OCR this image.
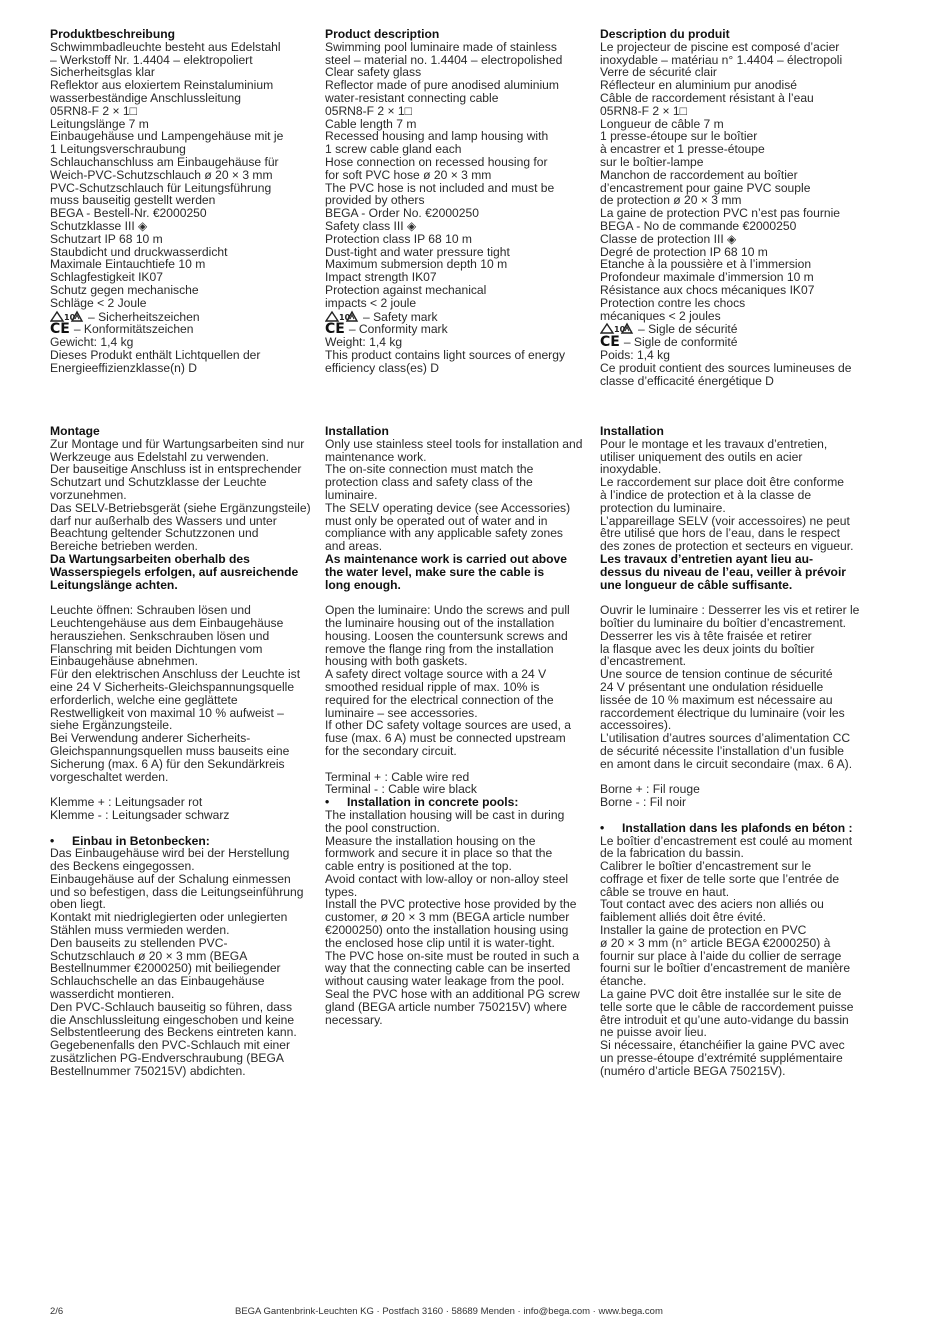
Produktbeschreibung
Schwimmbadleuchte besteht aus Edelstahl
– Werkstoff Nr. 1.4404 – elektropoliert
Sicherheitsglas klar
Reflektor aus eloxiertem Reinstaluminium
wasserbeständige Anschlussleitung
05RN8-F 2 × 1□
Leitungslänge 7 m
Einbaugehäuse und Lampengehäuse mit je
1 Leitungsverschraubung
Schlauchanschluss am Einbaugehäuse für
Weich-PVC-Schutzschlauch ø 20 × 3 mm
PVC-Schutzschlauch für Leitungsführung
muss bauseitig gestellt werden
BEGA - Bestell-Nr. €2000250
Schutzklasse III ◈
Schutzart IP 68 10 m
Staubdicht und druckwasserdicht
Maximale Eintauchtiefe 10 m
Schlagfestigkeit IK07
Schutz gegen mechanische
Schläge < 2 Joule

10 – Sicherheitszeichen

CE – Konformitätszeichen

Gewicht: 1,4 kg

Dieses Produkt enthält Lichtquellen der
Energieeffizienzklasse(n) D
Montage
Zur Montage und für Wartungsarbeiten sind nur
Werkzeuge aus Edelstahl zu verwenden.
Der bauseitige Anschluss ist in entsprechender
Schutzart und Schutzklasse der Leuchte
vorzunehmen.
Das SELV-Betriebsgerät (siehe Ergänzungsteile)
darf nur außerhalb des Wassers und unter
Beachtung geltender Schutzzonen und
Bereiche betrieben werden.
Da Wartungsarbeiten oberhalb des
Wasserspiegels erfolgen, auf ausreichende
Leitungslänge achten.
Leuchte öffnen: Schrauben lösen und
Leuchtengehäuse aus dem Einbaugehäuse
herausziehen. Senkschrauben lösen und
Flanschring mit beiden Dichtungen vom
Einbaugehäuse abnehmen.
Für den elektrischen Anschluss der Leuchte ist
eine 24 V Sicherheits-Gleichspannungsquelle
erforderlich, welche eine geglättete
Restwelligkeit von maximal 10 % aufweist –
siehe Ergänzungsteile.
Bei Verwendung anderer Sicherheits-
Gleichspannungsquellen muss bauseits eine
Sicherung (max. 6 A) für den Sekundärkreis
vorgeschaltet werden.
Klemme + : Leitungsader rot
Klemme - : Leitungsader schwarz
•	Einbau in Betonbecken:
Das Einbaugehäuse wird bei der Herstellung
des Beckens eingegossen.
Einbaugehäuse auf der Schalung einmessen
und so befestigen, dass die Leitungseinführung
oben liegt.
Kontakt mit niedriglegierten oder unlegierten
Stählen muss vermieden werden.
Den bauseits zu stellenden PVC-
Schutzschlauch ø 20 × 3 mm (BEGA
Bestellnummer €2000250) mit beiliegender
Schlauchschelle an das Einbaugehäuse
wasserdicht montieren.
Den PVC-Schlauch bauseitig so führen, dass
die Anschlussleitung eingeschoben und keine
Selbstentleerung des Beckens eintreten kann.
Gegebenenfalls den PVC-Schlauch mit einer
zusätzlichen PG-Endverschraubung (BEGA
Bestellnummer 750215V) abdichten.
Product description
Swimming pool luminaire made of stainless
steel – material no. 1.4404 – electropolished
Clear safety glass
Reflector made of pure anodised aluminium
water-resistant connecting cable
05RN8-F 2 × 1□
Cable length 7 m
Recessed housing and lamp housing with
1 screw cable gland each
Hose connection on recessed housing for
for soft PVC hose ø 20 × 3 mm
The PVC hose is not included and must be
provided by others
BEGA - Order No. €2000250
Safety class III ◈
Protection class IP 68 10 m
Dust-tight and water pressure tight
Maximum submersion depth 10 m
Impact strength IK07
Protection against mechanical
impacts < 2 joule

10 – Safety mark

CE – Conformity mark

Weight: 1,4 kg

This product contains light sources of energy
efficiency class(es) D
Installation
Only use stainless steel tools for installation and
maintenance work.
The on-site connection must match the
protection class and safety class of the
luminaire.
The SELV operating device (see Accessories)
must only be operated out of water and in
compliance with any applicable safety zones
and areas.
As maintenance work is carried out above
the water level, make sure the cable is
long enough.
Open the luminaire: Undo the screws and pull
the luminaire housing out of the installation
housing. Loosen the countersunk screws and
remove the flange ring from the installation
housing with both gaskets.
A safety direct voltage source with a 24 V
smoothed residual ripple of max. 10% is
required for the electrical connection of the
luminaire – see accessories.
If other DC safety voltage sources are used, a
fuse (max. 6 A) must be connected upstream
for the secondary circuit.
Terminal + : Cable wire red
Terminal - : Cable wire black
•	Installation in concrete pools:
The installation housing will be cast in during
the pool construction.
Measure the installation housing on the
formwork and secure it in place so that the
cable entry is positioned at the top.
Avoid contact with low-alloy or non-alloy steel
types.
Install the PVC protective hose provided by the
customer, ø 20 × 3 mm (BEGA article number
€2000250) onto the installation housing using
the enclosed hose clip until it is water-tight.
The PVC hose on-site must be routed in such a
way that the connecting cable can be inserted
without causing water leakage from the pool.
Seal the PVC hose with an additional PG screw
gland (BEGA article number 750215V) where
necessary.
Description du produit
Le projecteur de piscine est composé d’acier
inoxydable – matériau n° 1.4404 – électropoli
Verre de sécurité clair
Réflecteur en aluminium pur anodisé
Câble de raccordement résistant à l’eau
05RN8-F 2 × 1□
Longueur de câble 7 m
1 presse-étoupe sur le boîtier
à encastrer et 1 presse-étoupe
sur le boîtier-lampe
Manchon de raccordement au boîtier
d’encastrement pour gaine PVC souple
de protection ø 20 × 3 mm
La gaine de protection PVC n’est pas fournie
BEGA - No de commande €2000250
Classe de protection III ◈
Degré de protection IP 68 10 m
Etanche à la poussière et à l’immersion
Profondeur maximale d’immersion 10 m
Résistance aux chocs mécaniques IK07
Protection contre les chocs
mécaniques < 2 joules

10 – Sigle de sécurité

CE – Sigle de conformité

Poids: 1,4 kg

Ce produit contient des sources lumineuses de
classe d’efficacité énergétique D
Installation
Pour le montage et les travaux d’entretien,
utiliser uniquement des outils en acier
inoxydable.
Le raccordement sur place doit être conforme
à l’indice de protection et à la classe de
protection du luminaire.
L’appareillage SELV (voir accessoires) ne peut
être utilisé que hors de l’eau, dans le respect
des zones de protection et secteurs en vigueur.
Les travaux d’entretien ayant lieu au-
dessus du niveau de l’eau, veiller à prévoir
une longueur de câble suffisante.
Ouvrir le luminaire : Desserrer les vis et retirer le
boîtier du luminaire du boîtier d’encastrement.
Desserrer les vis à tête fraisée et retirer
la flasque avec les deux joints du boîtier
d’encastrement.
Une source de tension continue de sécurité
24 V présentant une ondulation résiduelle
lissée de 10 % maximum est nécessaire au
raccordement électrique du luminaire (voir les
accessoires).
L’utilisation d’autres sources d’alimentation CC
de sécurité nécessite l’installation d’un fusible
en amont dans le circuit secondaire (max. 6 A).
Borne + : Fil rouge
Borne - : Fil noir
•	Installation dans les plafonds en béton :
Le boîtier d’encastrement est coulé au moment
de la fabrication du bassin.
Calibrer le boîtier d’encastrement sur le
coffrage et fixer de telle sorte que l’entrée de
câble se trouve en haut.
Tout contact avec des aciers non alliés ou
faiblement alliés doit être évité.
Installer la gaine de protection en PVC
ø 20 × 3 mm (n° article BEGA €2000250) à
fournir sur place à l’aide du collier de serrage
fourni sur le boîtier d’encastrement de manière
étanche.
La gaine PVC doit être installée sur le site de
telle sorte que le câble de raccordement puisse
être introduit et qu’une auto-vidange du bassin
ne puisse avoir lieu.
Si nécessaire, étanchéifier la gaine PVC avec
un presse-étoupe d’extrémité supplémentaire
(numéro d’article BEGA 750215V).
2/6	BEGA Gantenbrink-Leuchten KG · Postfach 3160 · 58689 Menden · info@bega.com · www.bega.com
